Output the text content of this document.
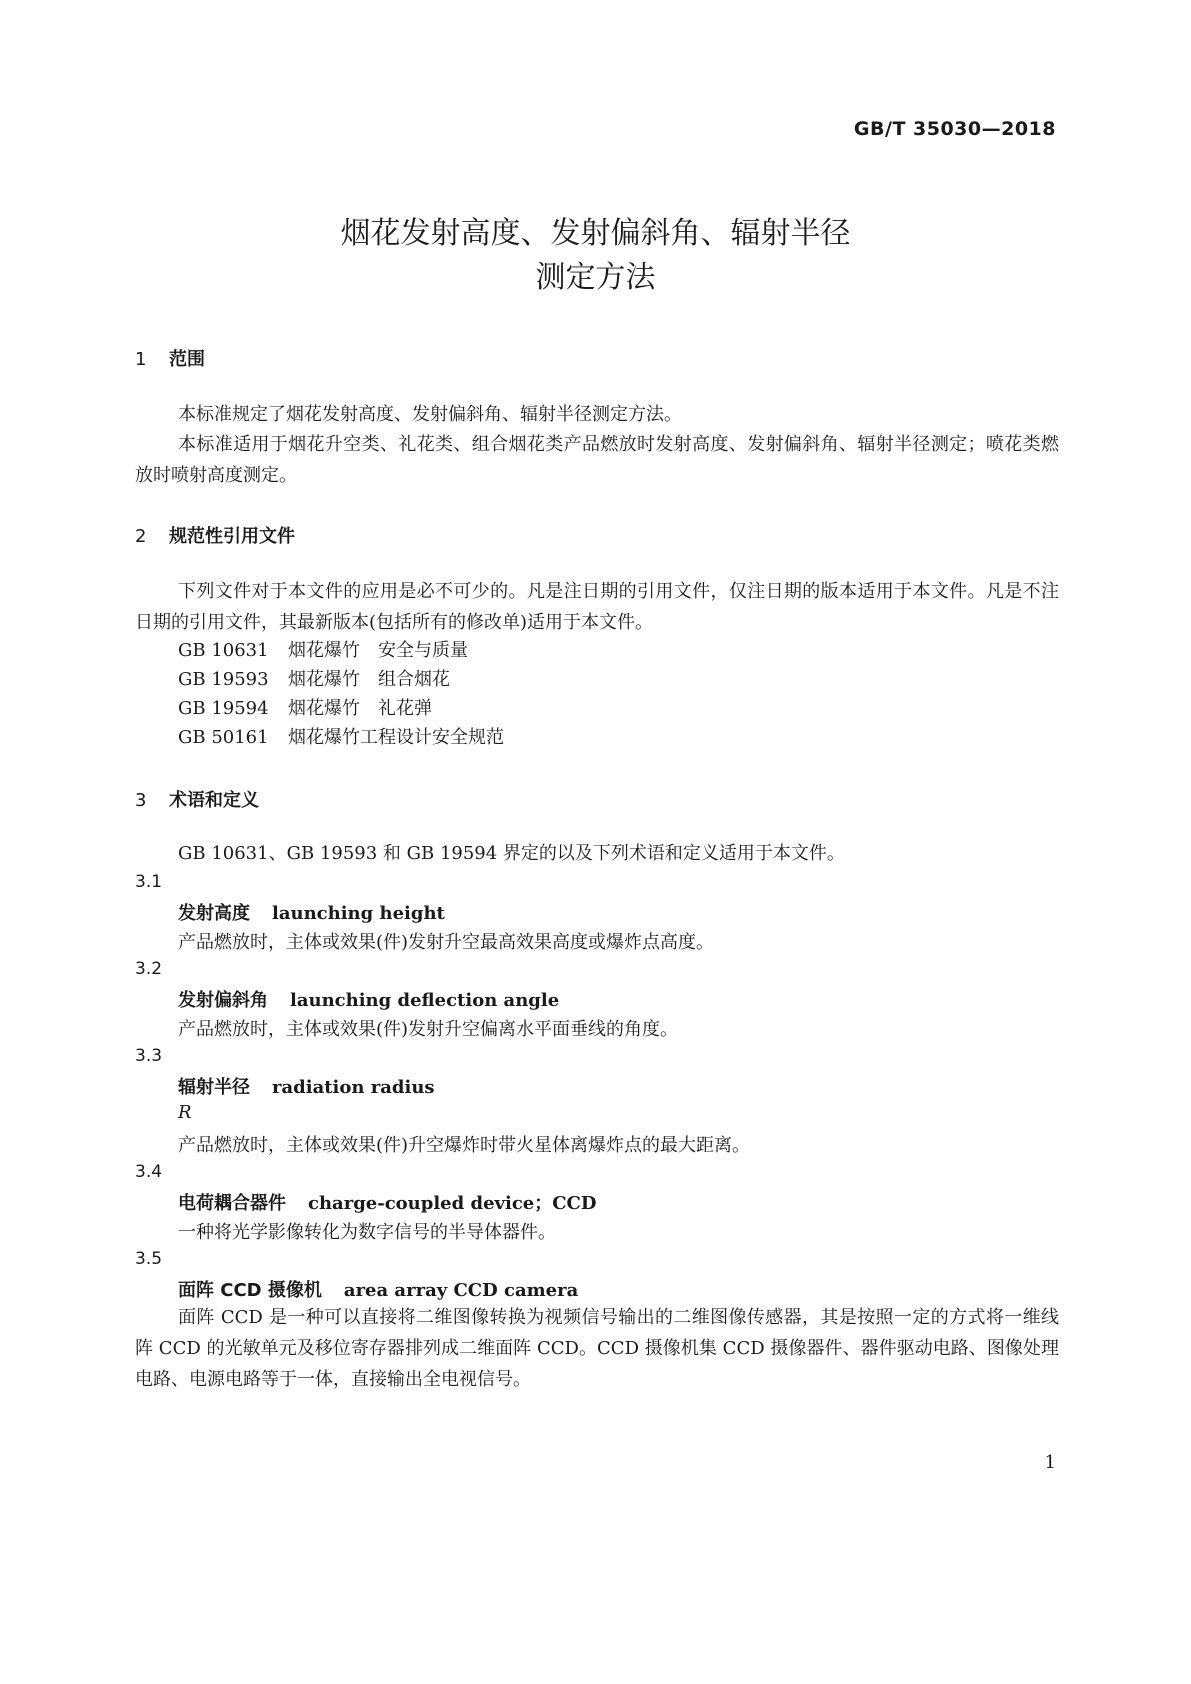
GB/T 35030—2018
烟花发射高度、发射偏斜角、辐射半径
测定方法
1 范围
本标准规定了烟花发射高度、发射偏斜角、辐射半径测定方法。
本标准适用于烟花升空类、礼花类、组合烟花类产品燃放时发射高度、发射偏斜角、辐射半径测定；喷花类燃放时喷射高度测定。
2 规范性引用文件
下列文件对于本文件的应用是必不可少的。凡是注日期的引用文件，仅注日期的版本适用于本文件。凡是不注日期的引用文件，其最新版本(包括所有的修改单)适用于本文件。
GB 10631 烟花爆竹 安全与质量
GB 19593 烟花爆竹 组合烟花
GB 19594 烟花爆竹 礼花弹
GB 50161 烟花爆竹工程设计安全规范
3 术语和定义
GB 10631、GB 19593 和 GB 19594 界定的以及下列术语和定义适用于本文件。
3.1
发射高度 launching height
产品燃放时，主体或效果(件)发射升空最高效果高度或爆炸点高度。
3.2
发射偏斜角 launching deflection angle
产品燃放时，主体或效果(件)发射升空偏离水平面垂线的角度。
3.3
辐射半径 radiation radius
R
产品燃放时，主体或效果(件)升空爆炸时带火星体离爆炸点的最大距离。
3.4
电荷耦合器件 charge-coupled device；CCD
一种将光学影像转化为数字信号的半导体器件。
3.5
面阵 CCD 摄像机 area array CCD camera
面阵 CCD 是一种可以直接将二维图像转换为视频信号输出的二维图像传感器，其是按照一定的方式将一维线阵 CCD 的光敏单元及移位寄存器排列成二维面阵 CCD。CCD 摄像机集 CCD 摄像器件、器件驱动电路、图像处理电路、电源电路等于一体，直接输出全电视信号。
1
